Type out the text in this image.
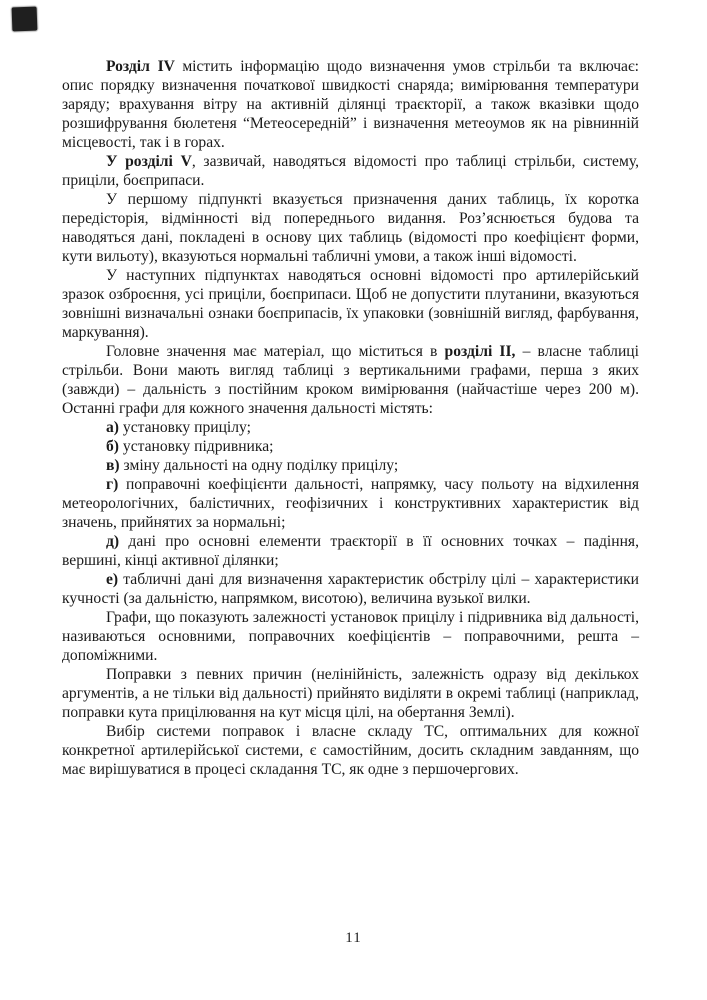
Розділ IV містить інформацію щодо визначення умов стрільби та включає: опис порядку визначення початкової швидкості снаряда; вимірювання температури заряду; врахування вітру на активній ділянці траєкторії, а також вказівки щодо розшифрування бюлетеня “Метеосередній” і визначення метеоумов як на рівнинній місцевості, так і в горах.

У розділі V, зазвичай, наводяться відомості про таблиці стрільби, систему, приціли, боєприпаси.

У першому підпункті вказується призначення даних таблиць, їх коротка передісторія, відмінності від попереднього видання. Роз’яснюється будова та наводяться дані, покладені в основу цих таблиць (відомості про коефіцієнт форми, кути вильоту), вказуються нормальні табличні умови, а також інші відомості.

У наступних підпунктах наводяться основні відомості про артилерійський зразок озброєння, усі приціли, боєприпаси. Щоб не допустити плутанини, вказуються зовнішні визначальні ознаки боєприпасів, їх упаковки (зовнішній вигляд, фарбування, маркування).

Головне значення має матеріал, що міститься в розділі II, – власне таблиці стрільби. Вони мають вигляд таблиці з вертикальними графами, перша з яких (завжди) – дальність з постійним кроком вимірювання (найчастіше через 200 м). Останні графи для кожного значення дальності містять:

а) установку прицілу;

б) установку підривника;

в) зміну дальності на одну поділку прицілу;

г) поправочні коефіцієнти дальності, напрямку, часу польоту на відхилення метеорологічних, балістичних, геофізичних і конструктивних характеристик від значень, прийнятих за нормальні;

д) дані про основні елементи траєкторії в її основних точках – падіння, вершині, кінці активної ділянки;

е) табличні дані для визначення характеристик обстрілу цілі – характеристики кучності (за дальністю, напрямком, висотою), величина вузької вилки.

Графи, що показують залежності установок прицілу і підривника від дальності, називаються основними, поправочних коефіцієнтів – поправочними, решта – допоміжними.

Поправки з певних причин (нелінійність, залежність одразу від декількох аргументів, а не тільки від дальності) прийнято виділяти в окремі таблиці (наприклад, поправки кута прицілювання на кут місця цілі, на обертання Землі).

Вибір системи поправок і власне складу ТС, оптимальних для кожної конкретної артилерійської системи, є самостійним, досить складним завданням, що має вирішуватися в процесі складання ТС, як одне з першочергових.

11
